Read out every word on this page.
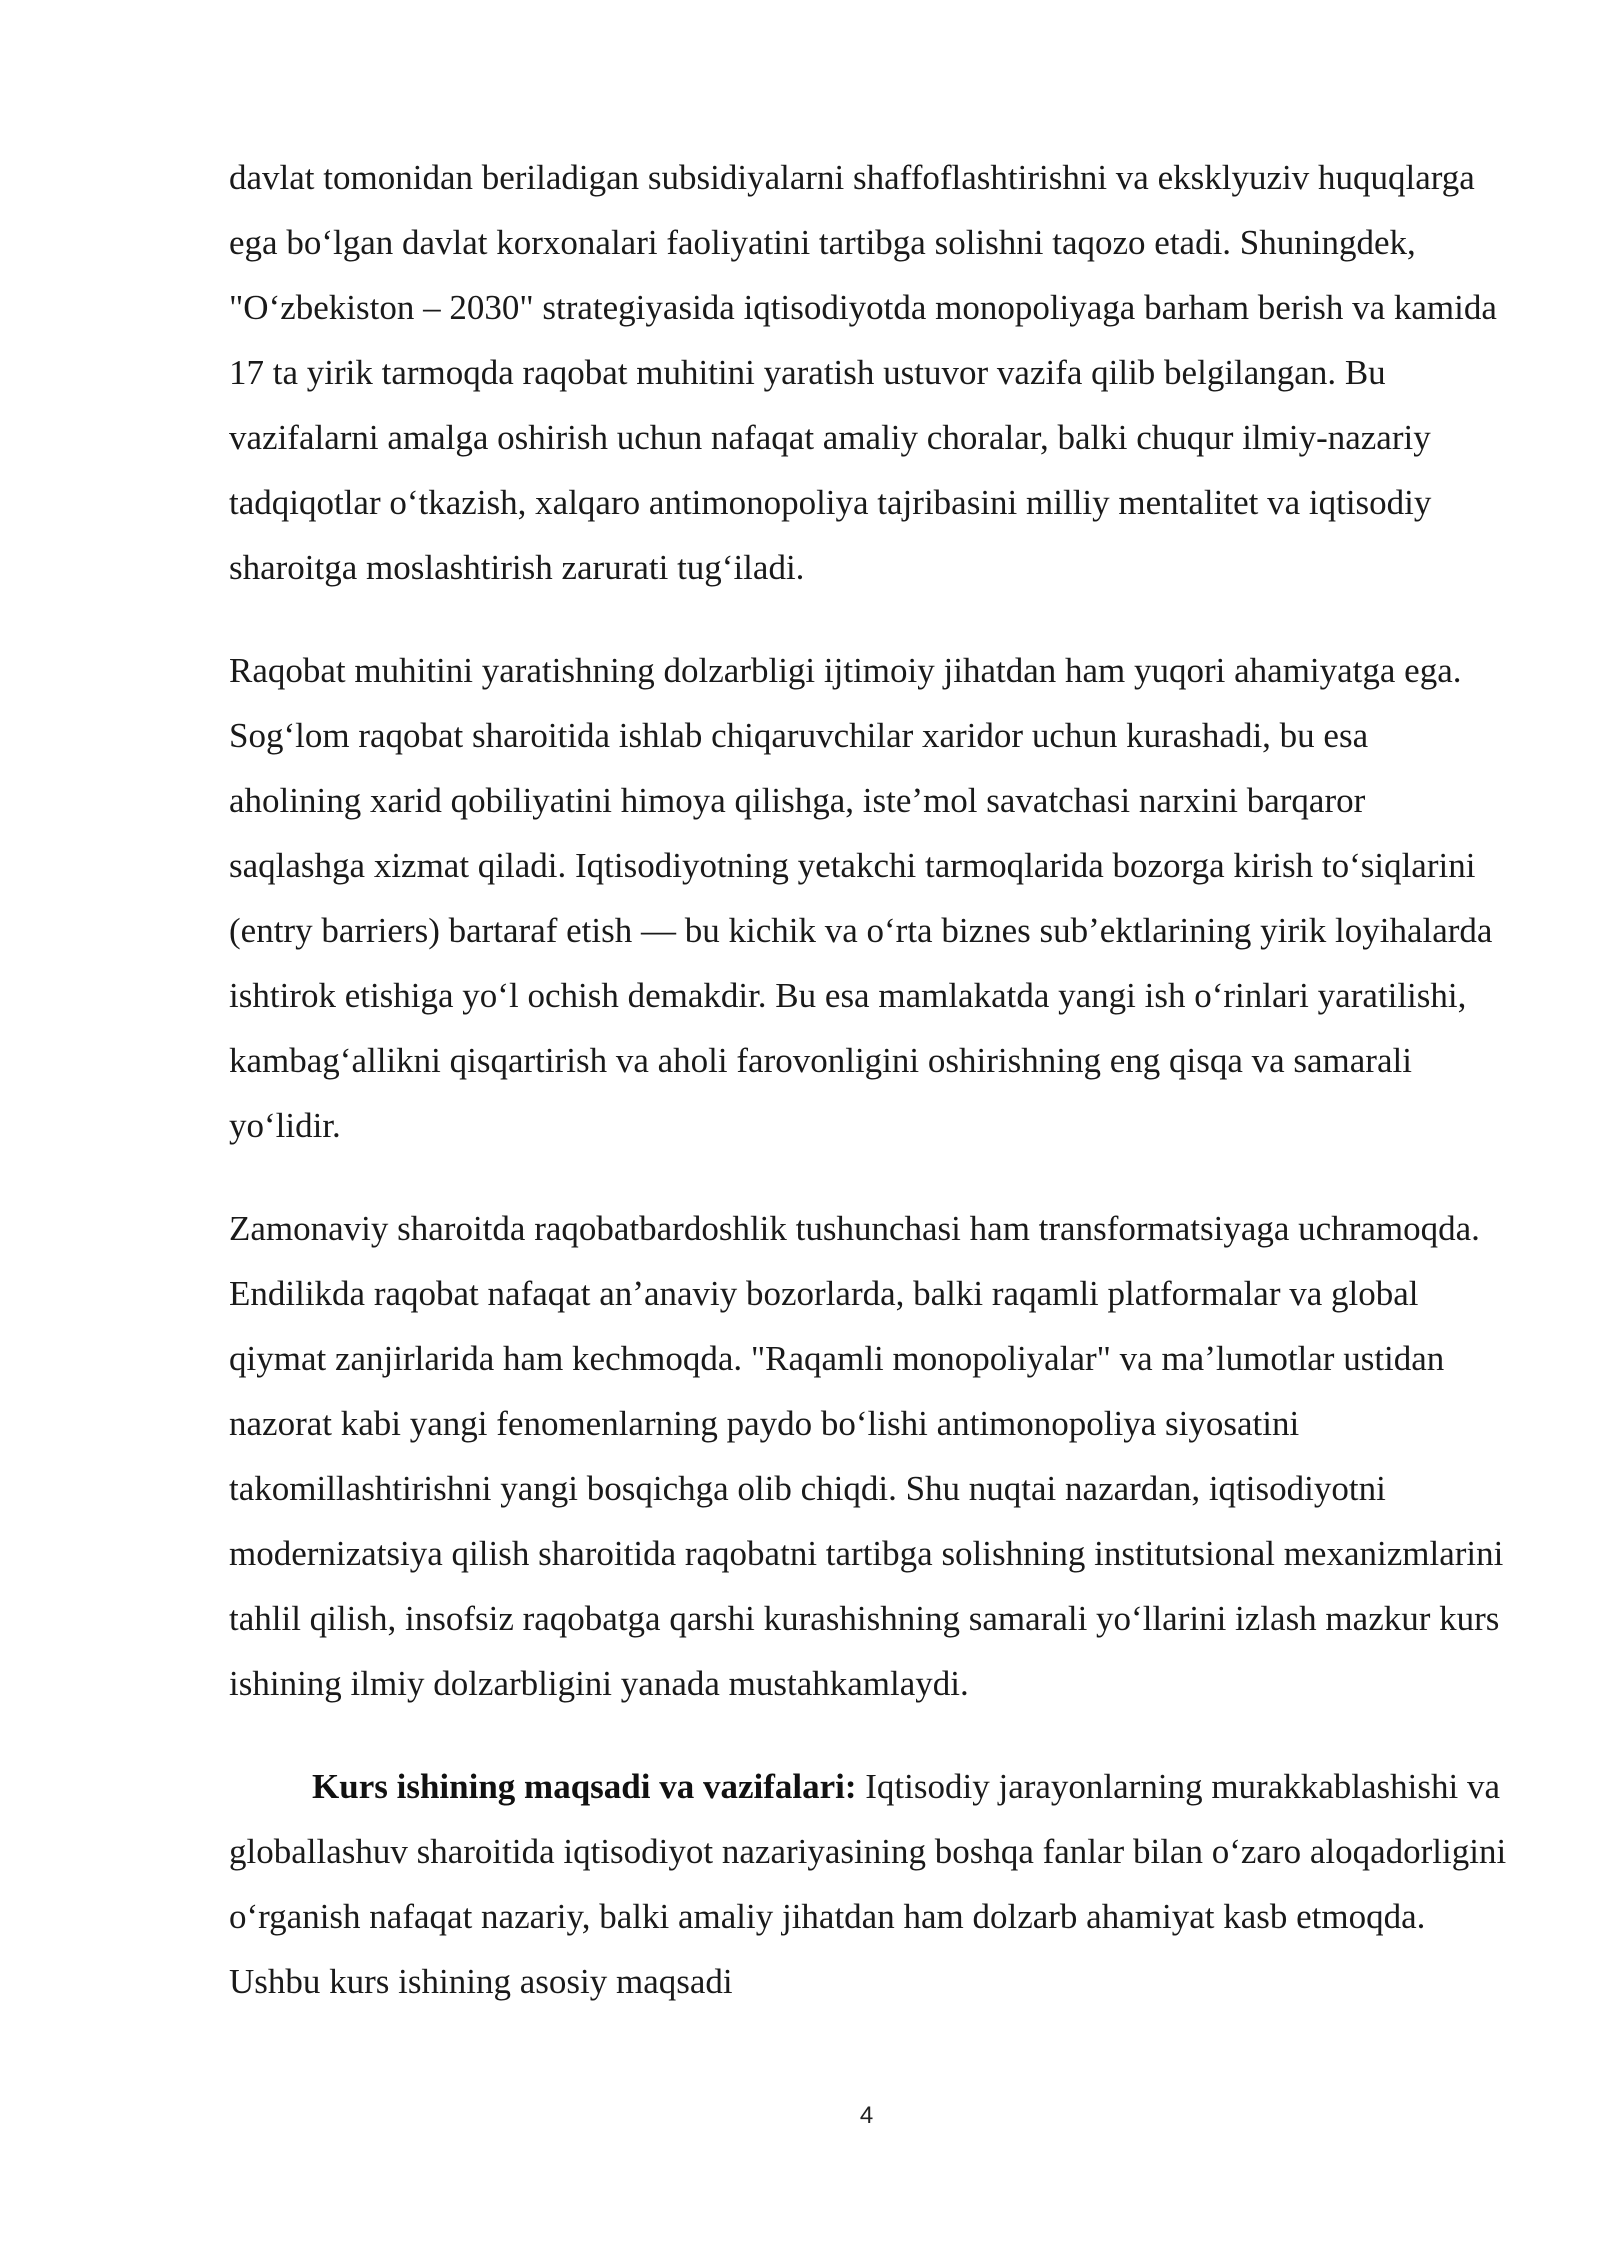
davlat tomonidan beriladigan subsidiyalarni shaffoflashtirishni va eksklyuziv huquqlarga ega boʻlgan davlat korxonalari faoliyatini tartibga solishni taqozo etadi. Shuningdek, "Oʻzbekiston – 2030" strategiyasida iqtisodiyotda monopoliyaga barham berish va kamida 17 ta yirik tarmoqda raqobat muhitini yaratish ustuvor vazifa qilib belgilangan. Bu vazifalarni amalga oshirish uchun nafaqat amaliy choralar, balki chuqur ilmiy-nazariy tadqiqotlar oʻtkazish, xalqaro antimonopoliya tajribasini milliy mentalitet va iqtisodiy sharoitga moslashtirish zarurati tugʻiladi.

Raqobat muhitini yaratishning dolzarbligi ijtimoiy jihatdan ham yuqori ahamiyatga ega. Sogʻlom raqobat sharoitida ishlab chiqaruvchilar xaridor uchun kurashadi, bu esa aholining xarid qobiliyatini himoya qilishga, isteʼmol savatchasi narxini barqaror saqlashga xizmat qiladi. Iqtisodiyotning yetakchi tarmoqlarida bozorga kirish toʻsiqlarini (entry barriers) bartaraf etish — bu kichik va oʻrta biznes subʼektlarining yirik loyihalarda ishtirok etishiga yoʻl ochish demakdir. Bu esa mamlakatda yangi ish oʻrinlari yaratilishi, kambagʻallikni qisqartirish va aholi farovonligini oshirishning eng qisqa va samarali yoʻlidir.

Zamonaviy sharoitda raqobatbardoshlik tushunchasi ham transformatsiyaga uchramoqda. Endilikda raqobat nafaqat anʼanaviy bozorlarda, balki raqamli platformalar va global qiymat zanjirlarida ham kechmoqda. "Raqamli monopoliyalar" va maʼlumotlar ustidan nazorat kabi yangi fenomenlarning paydo boʻlishi antimonopoliya siyosatini takomillashtirishni yangi bosqichga olib chiqdi. Shu nuqtai nazardan, iqtisodiyotni modernizatsiya qilish sharoitida raqobatni tartibga solishning institutsional mexanizmlarini tahlil qilish, insofsiz raqobatga qarshi kurashishning samarali yoʻllarini izlash mazkur kurs ishining ilmiy dolzarbligini yanada mustahkamlaydi.

Kurs ishining maqsadi va vazifalari: Iqtisodiy jarayonlarning murakkablashishi va globallashuv sharoitida iqtisodiyot nazariyasining boshqa fanlar bilan oʻzaro aloqadorligini oʻrganish nafaqat nazariy, balki amaliy jihatdan ham dolzarb ahamiyat kasb etmoqda. Ushbu kurs ishining asosiy maqsadi

4
